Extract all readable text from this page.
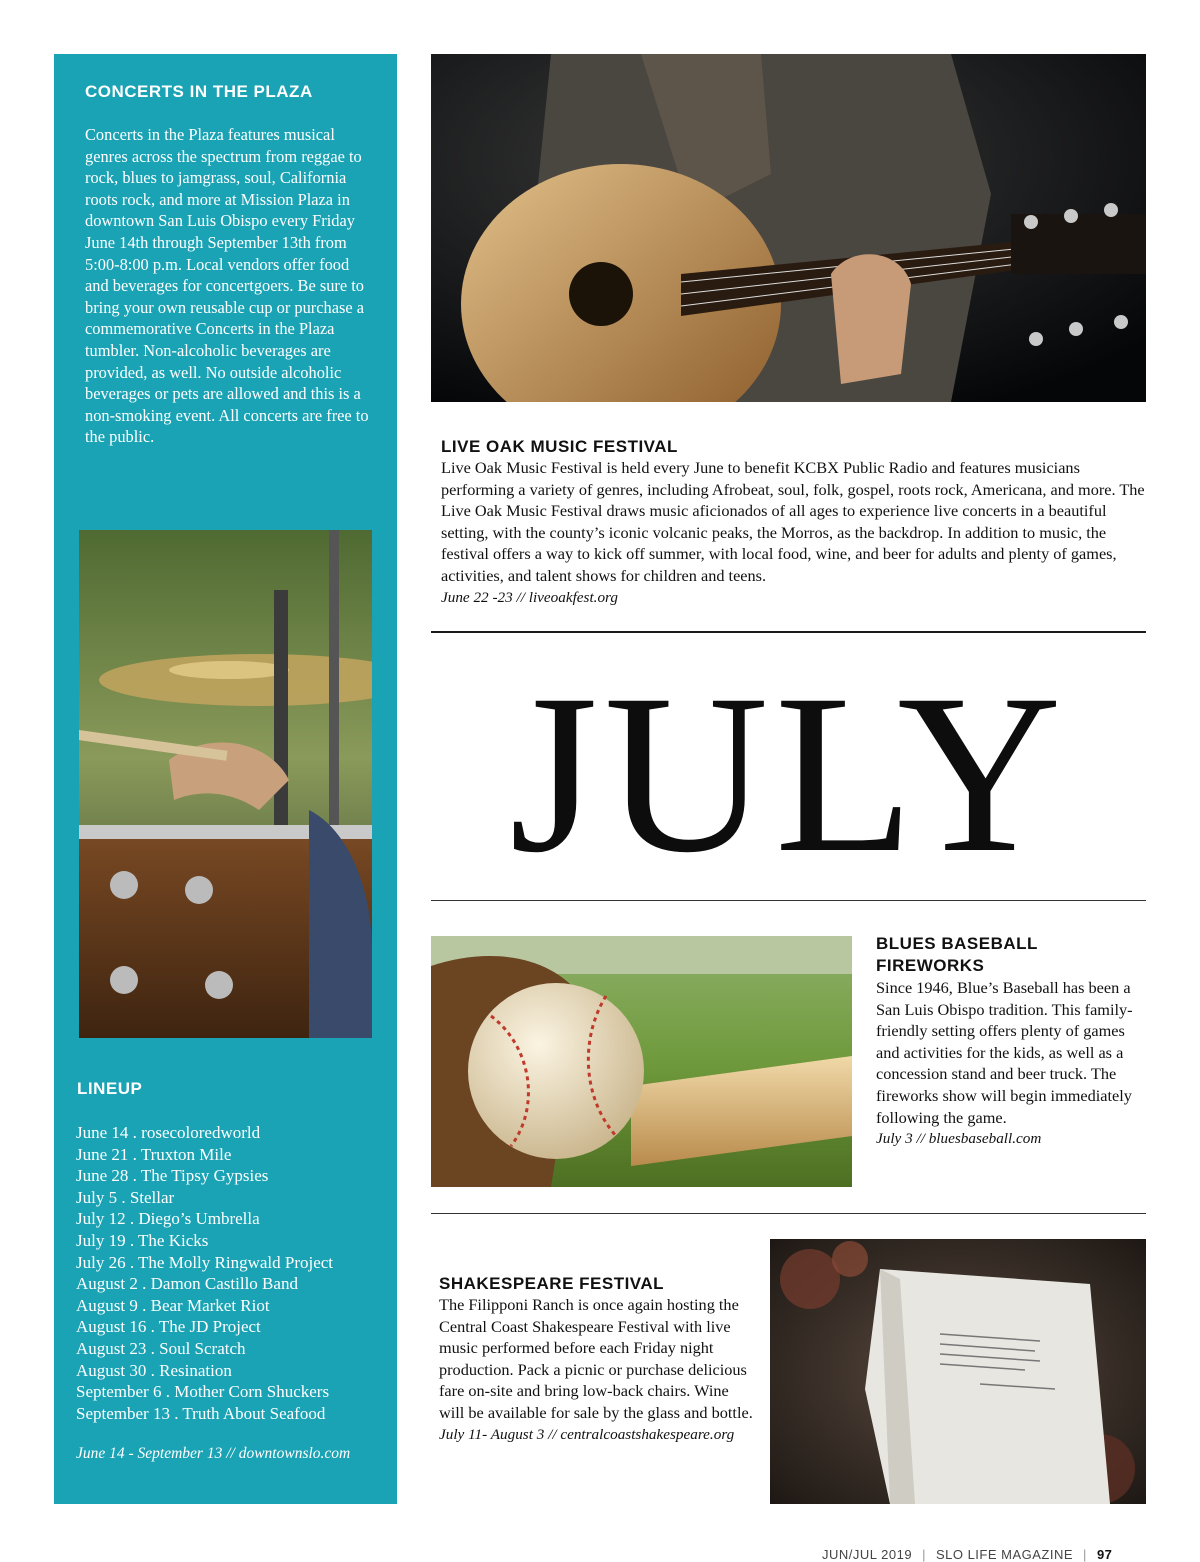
CONCERTS IN THE PLAZA

Concerts in the Plaza features musical genres across the spectrum from reggae to rock, blues to jamgrass, soul, California roots rock, and more at Mission Plaza in downtown San Luis Obispo every Friday June 14th through September 13th from 5:00-8:00 p.m. Local vendors offer food and beverages for concertgoers. Be sure to bring your own reusable cup or purchase a commemorative Concerts in the Plaza tumbler. Non-alcoholic beverages are provided, as well. No outside alcoholic beverages or pets are allowed and this is a non-smoking event. All concerts are free to the public.

LINEUP
June 14 . rosecoloredworld
June 21 . Truxton Mile
June 28 . The Tipsy Gypsies
July 5 . Stellar
July 12 . Diego’s Umbrella
July 19 . The Kicks
July 26 . The Molly Ringwald Project
August 2 . Damon Castillo Band
August 9 . Bear Market Riot
August 16 . The JD Project
August 23 . Soul Scratch
August 30 . Resination
September 6 . Mother Corn Shuckers
September 13 . Truth About Seafood
June 14 - September 13 // downtownslo.com
LIVE OAK MUSIC FESTIVAL

Live Oak Music Festival is held every June to benefit KCBX Public Radio and features musicians performing a variety of genres, including Afrobeat, soul, folk, gospel, roots rock, Americana, and more. The Live Oak Music Festival draws music aficionados of all ages to experience live concerts in a beautiful setting, with the county’s iconic volcanic peaks, the Morros, as the backdrop. In addition to music, the festival offers a way to kick off summer, with local food, wine, and beer for adults and plenty of games, activities, and talent shows for children and teens.

June 22 -23 // liveoakfest.org

JULY
BLUES BASEBALL FIREWORKS

Since 1946, Blue’s Baseball has been a San Luis Obispo tradition. This family-friendly setting offers plenty of games and activities for the kids, as well as a concession stand and beer truck. The fireworks show will begin immediately following the game.

July 3 // bluesbaseball.com

SHAKESPEARE FESTIVAL

The Filipponi Ranch is once again hosting the Central Coast Shakespeare Festival with live music performed before each Friday night production. Pack a picnic or purchase delicious fare on-site and bring low-back chairs. Wine will be available for sale by the glass and bottle.

July 11- August 3 // centralcoastshakespeare.org

JUN/JUL 2019 | SLO LIFE MAGAZINE | 97
